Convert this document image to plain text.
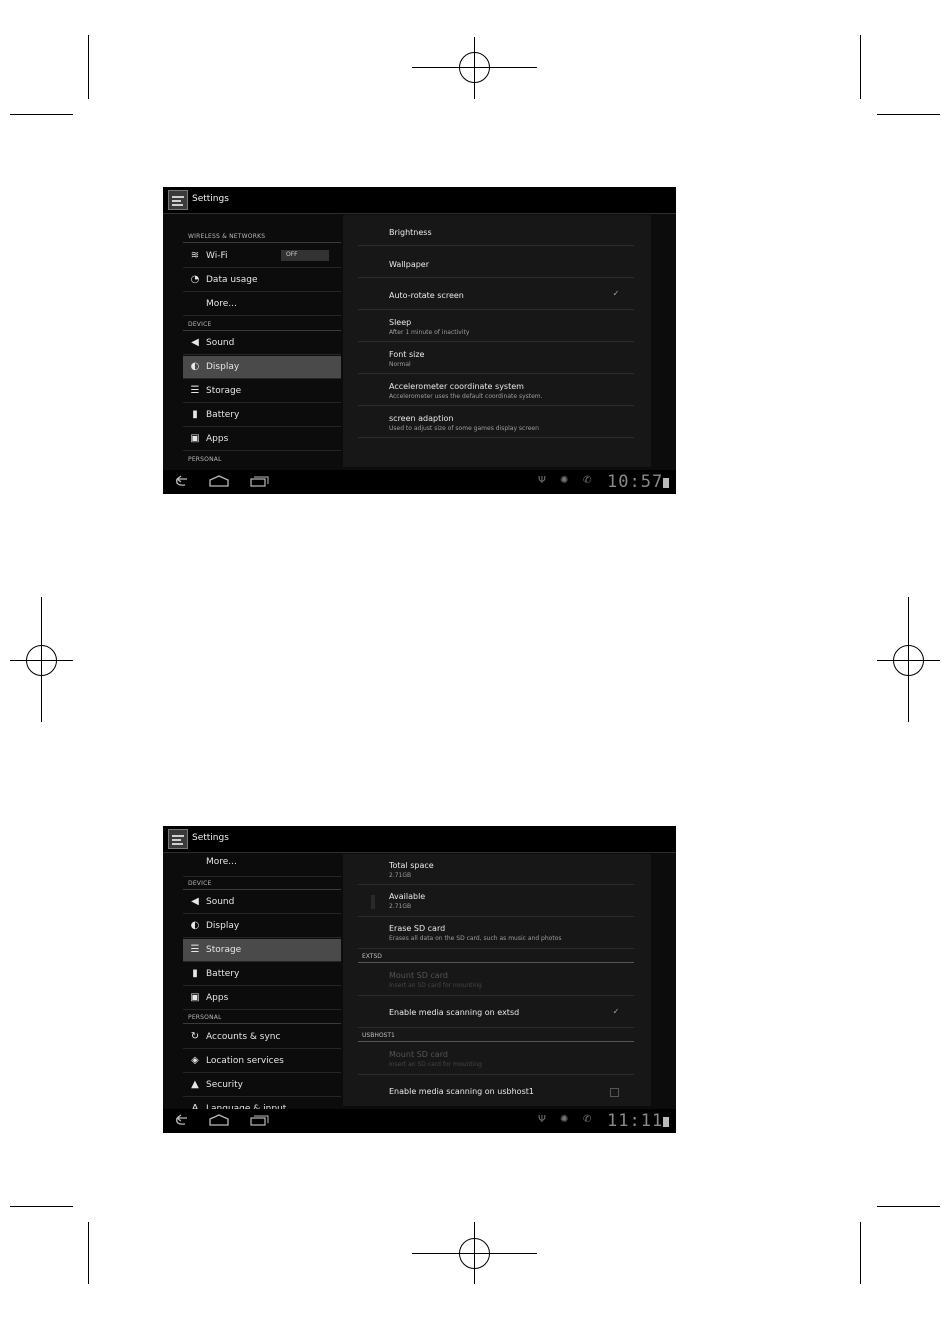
Settings
WIRELESS & NETWORKS
≋ Wi-Fi	OFF
◔ Data usage
More...
DEVICE
◀ Sound
◐ Display
☰ Storage
▮ Battery
▣ Apps
PERSONAL
Brightness
Wallpaper
Auto-rotate screen	✓
Sleep
After 1 minute of inactivity
Font size
Normal
Accelerometer coordinate system
Accelerometer uses the default coordinate system.
screen adaption
Used to adjust size of some games display screen
Ψ ✺ ✆ 10:57
Settings
More...
DEVICE
◀ Sound
◐ Display
☰ Storage
▮ Battery
▣ Apps
PERSONAL
↻ Accounts & sync
◈ Location services
▲ Security
Total space
2.71GB
Available
2.71GB
Erase SD card
Erases all data on the SD card, such as music and photos
EXTSD
Mount SD card
Insert an SD card for mounting
Enable media scanning on extsd	✓
USBHOST1
Mount SD card
Insert an SD card for mounting
Enable media scanning on usbhost1
Ψ ✺ ✆ 11:11
